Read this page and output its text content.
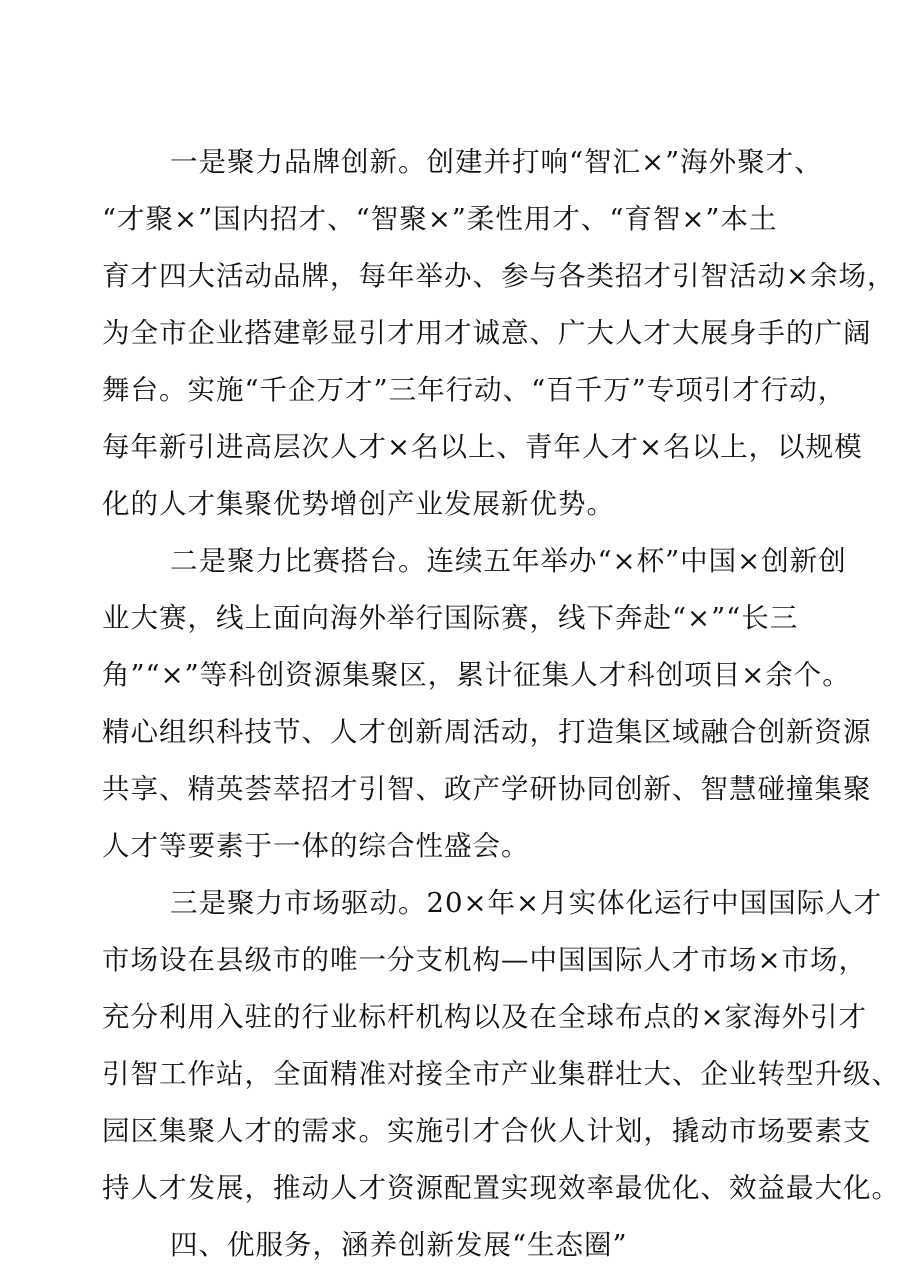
一是聚力品牌创新。创建并打响“智汇×”海外聚才、
“才聚×”国内招才、“智聚×”柔性用才、“育智×”本土
育才四大活动品牌，每年举办、参与各类招才引智活动×余场，
为全市企业搭建彰显引才用才诚意、广大人才大展身手的广阔
舞台。实施“千企万才”三年行动、“百千万”专项引才行动，
每年新引进高层次人才×名以上、青年人才×名以上，以规模
化的人才集聚优势增创产业发展新优势。
二是聚力比赛搭台。连续五年举办“×杯”中国×创新创
业大赛，线上面向海外举行国际赛，线下奔赴“×”“长三
角”“×”等科创资源集聚区，累计征集人才科创项目×余个。
精心组织科技节、人才创新周活动，打造集区域融合创新资源
共享、精英荟萃招才引智、政产学研协同创新、智慧碰撞集聚
人才等要素于一体的综合性盛会。
三是聚力市场驱动。20×年×月实体化运行中国国际人才
市场设在县级市的唯一分支机构—中国国际人才市场×市场，
充分利用入驻的行业标杆机构以及在全球布点的×家海外引才
引智工作站，全面精准对接全市产业集群壮大、企业转型升级、
园区集聚人才的需求。实施引才合伙人计划，撬动市场要素支
持人才发展，推动人才资源配置实现效率最优化、效益最大化。
四、优服务，涵养创新发展“生态圈”
